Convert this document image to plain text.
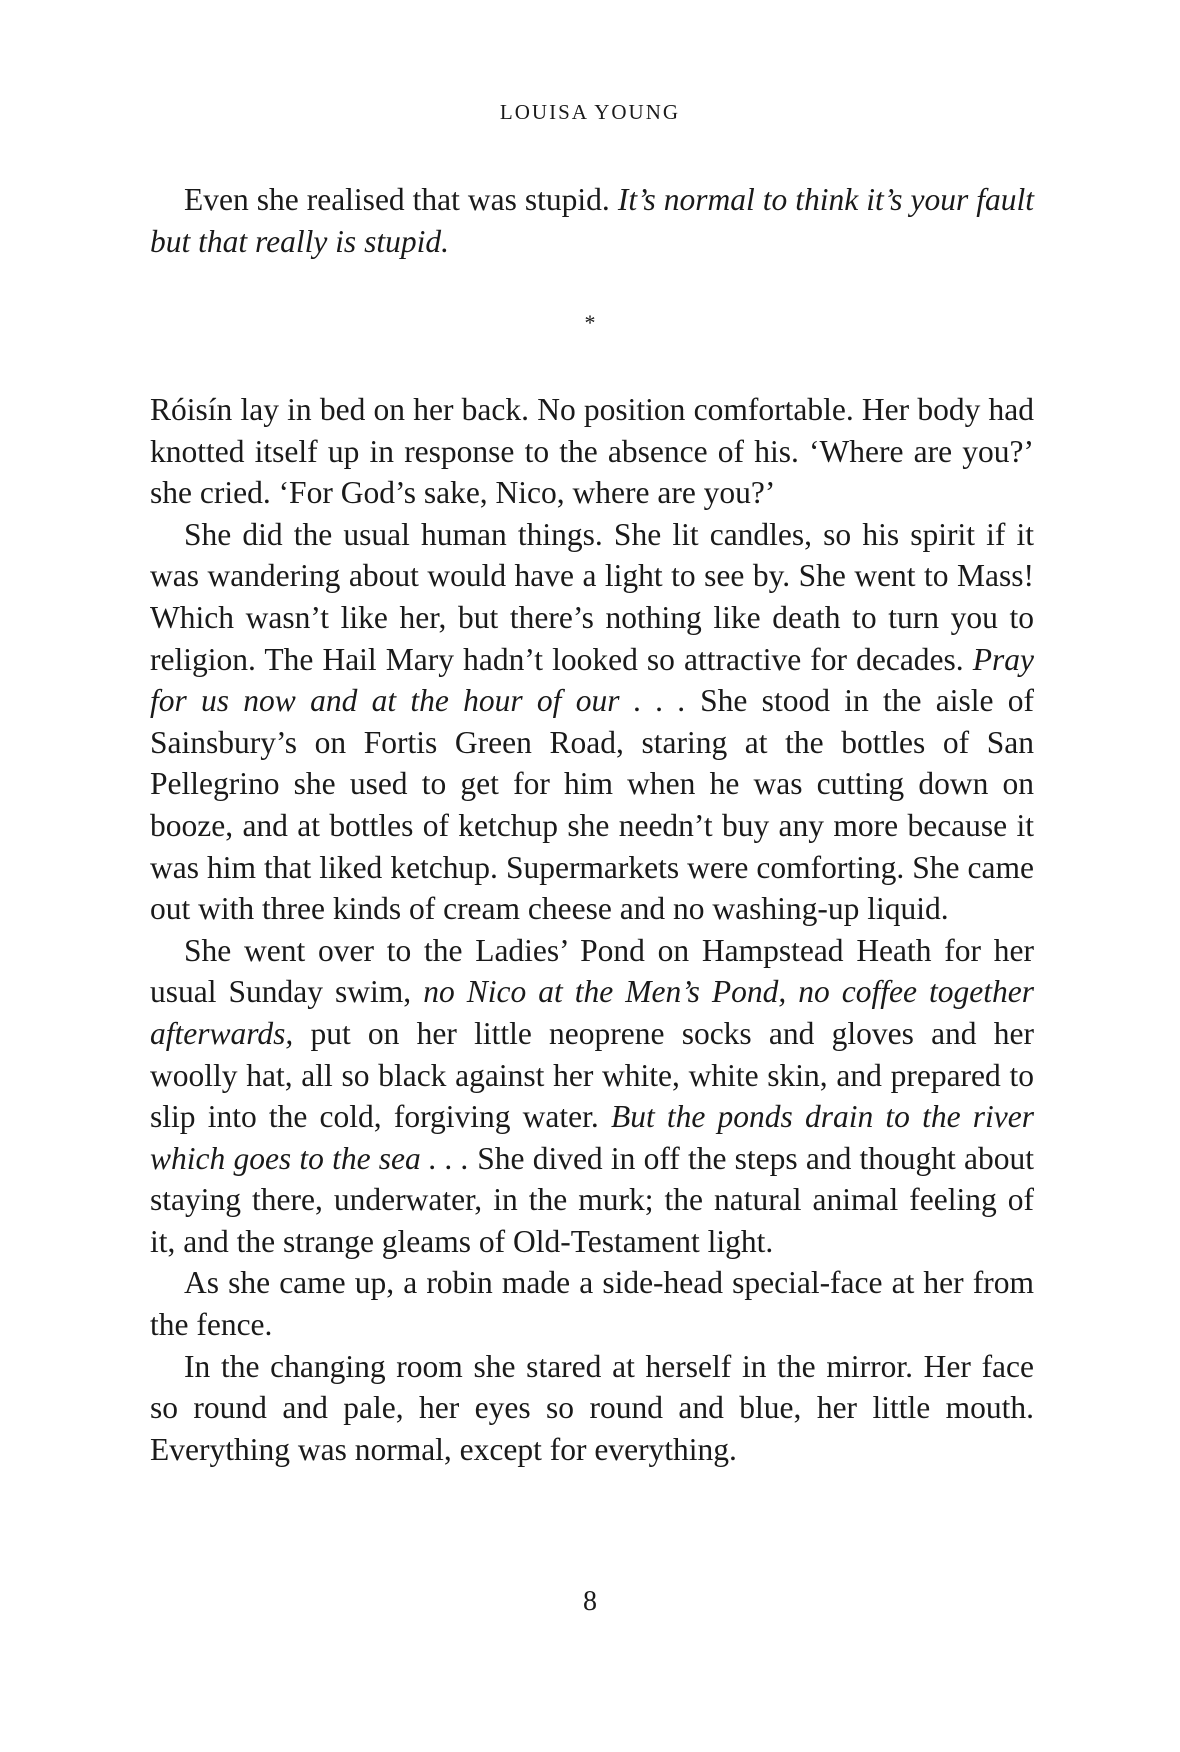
LOUISA YOUNG

Even she realised that was stupid. It’s normal to think it’s your fault but that really is stupid.

*

Róisín lay in bed on her back. No position comfortable. Her body had knotted itself up in response to the absence of his. ‘Where are you?’ she cried. ‘For God’s sake, Nico, where are you?’

She did the usual human things. She lit candles, so his spirit if it was wandering about would have a light to see by. She went to Mass! Which wasn’t like her, but there’s nothing like death to turn you to religion. The Hail Mary hadn’t looked so attractive for decades. Pray for us now and at the hour of our . . . She stood in the aisle of Sainsbury’s on Fortis Green Road, staring at the bottles of San Pellegrino she used to get for him when he was cutting down on booze, and at bottles of ketchup she needn’t buy any more because it was him that liked ketchup. Supermarkets were comforting. She came out with three kinds of cream cheese and no washing-up liquid.

She went over to the Ladies’ Pond on Hampstead Heath for her usual Sunday swim, no Nico at the Men’s Pond, no coffee together afterwards, put on her little neoprene socks and gloves and her woolly hat, all so black against her white, white skin, and prepared to slip into the cold, forgiving water. But the ponds drain to the river which goes to the sea . . . She dived in off the steps and thought about staying there, underwater, in the murk; the natural animal feeling of it, and the strange gleams of Old-Testament light.

As she came up, a robin made a side-head special-face at her from the fence.

In the changing room she stared at herself in the mirror. Her face so round and pale, her eyes so round and blue, her little mouth. Everything was normal, except for everything.

8
